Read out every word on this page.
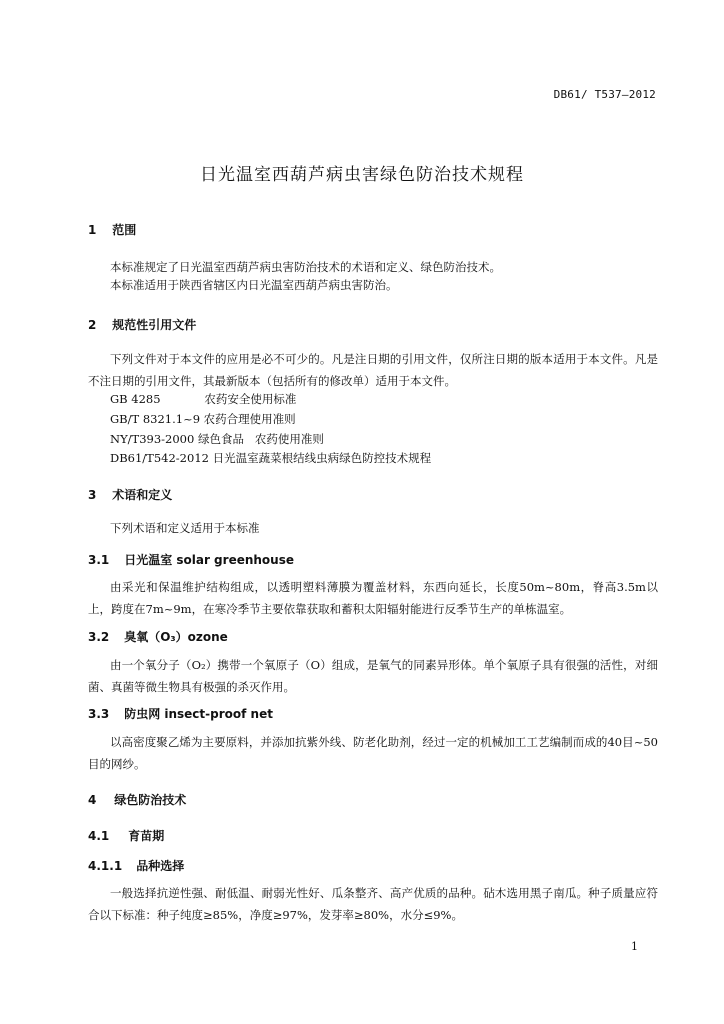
DB61/ T537—2012
日光温室西葫芦病虫害绿色防治技术规程
1 范围
本标准规定了日光温室西葫芦病虫害防治技术的术语和定义、绿色防治技术。
本标准适用于陕西省辖区内日光温室西葫芦病虫害防治。
2 规范性引用文件
下列文件对于本文件的应用是必不可少的。凡是注日期的引用文件，仅所注日期的版本适用于本文件。凡是不注日期的引用文件，其最新版本（包括所有的修改单）适用于本文件。
GB 4285            农药安全使用标准
GB/T 8321.1~9 农药合理使用准则
NY/T393-2000 绿色食品   农药使用准则
DB61/T542-2012 日光温室蔬菜根结线虫病绿色防控技术规程
3 术语和定义
下列术语和定义适用于本标准
3.1 日光温室 solar greenhouse
由采光和保温维护结构组成，以透明塑料薄膜为覆盖材料，东西向延长，长度50m~80m，脊高3.5m以上，跨度在7m~9m，在寒冷季节主要依靠获取和蓄积太阳辐射能进行反季节生产的单栋温室。
3.2 臭氧（O₃）ozone
由一个氧分子（O₂）携带一个氧原子（O）组成，是氧气的同素异形体。单个氧原子具有很强的活性，对细菌、真菌等微生物具有极强的杀灭作用。
3.3 防虫网 insect-proof net
以高密度聚乙烯为主要原料，并添加抗紫外线、防老化助剂，经过一定的机械加工工艺编制而成的40目~50目的网纱。
4 绿色防治技术
4.1 育苗期
4.1.1 品种选择
一般选择抗逆性强、耐低温、耐弱光性好、瓜条整齐、高产优质的品种。砧木选用黑子南瓜。种子质量应符合以下标准：种子纯度≥85%，净度≥97%，发芽率≥80%，水分≤9%。
1
